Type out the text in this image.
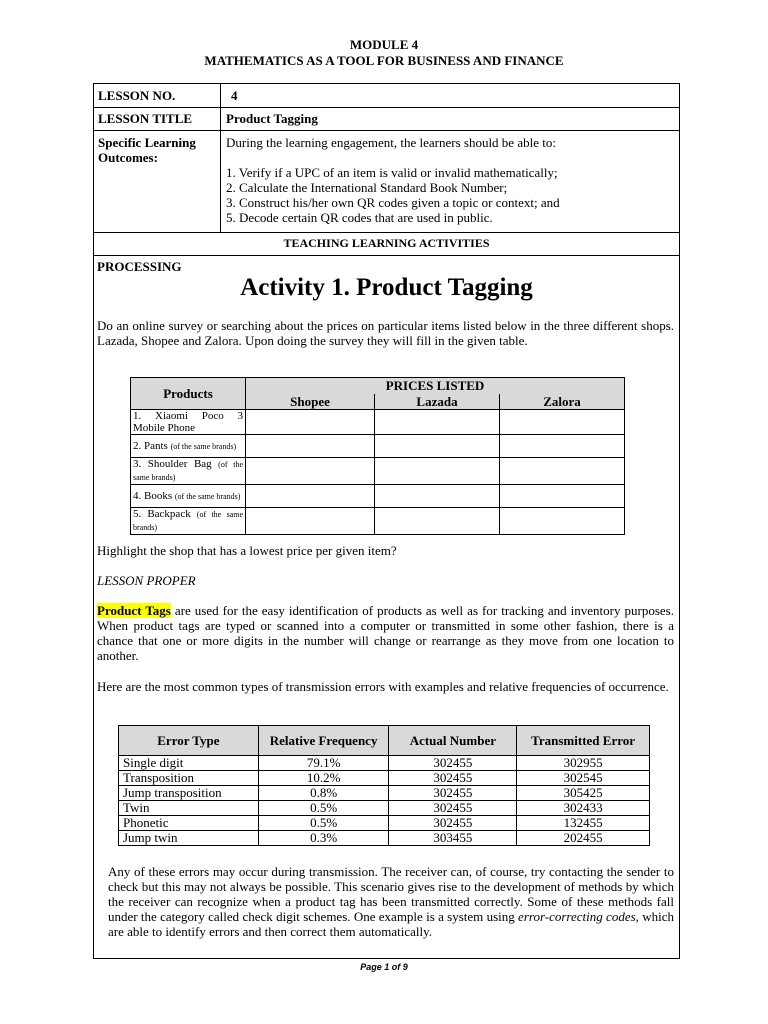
MODULE 4
MATHEMATICS AS A TOOL FOR BUSINESS AND FINANCE
LESSON NO.	4
LESSON TITLE	Product Tagging
Specific Learning
Outcomes:
During the learning engagement, the learners should be able to:
1. Verify if a UPC of an item is valid or invalid mathematically;
2. Calculate the International Standard Book Number;
3. Construct his/her own QR codes given a topic or context; and
5. Decode certain QR codes that are used in public.
TEACHING LEARNING ACTIVITIES
PROCESSING
Activity 1. Product Tagging
Do an online survey or searching about the prices on particular items listed below in the three different shops. Lazada, Shopee and Zalora. Upon doing the survey they will fill in the given table.
Products	PRICES LISTED
Shopee Lazada Zalora		

1. Xiaomi Poco 3 Mobile Phone			
2. Pants (of the same brands)			
3. Shoulder Bag (of the same brands)			
4. Books (of the same brands)			
5. Backpack (of the same brands)			
Highlight the shop that has a lowest price per given item?
LESSON PROPER
Product Tags are used for the easy identification of products as well as for tracking and inventory purposes. When product tags are typed or scanned into a computer or transmitted in some other fashion, there is a chance that one or more digits in the number will change or rearrange as they move from one location to another.
Here are the most common types of transmission errors with examples and relative frequencies of occurrence.
Error Type	Relative Frequency	Actual Number	Transmitted Error
Single digit	79.1%	302455	302955
Transposition	10.2%	302455	302545
Jump transposition	0.8%	302455	305425
Twin	0.5%	302455	302433
Phonetic	0.5%	302455	132455
Jump twin	0.3%	303455	202455
Any of these errors may occur during transmission. The receiver can, of course, try contacting the sender to check but this may not always be possible. This scenario gives rise to the development of methods by which the receiver can recognize when a product tag has been transmitted correctly. Some of these methods fall under the category called check digit schemes. One example is a system using error-correcting codes, which are able to identify errors and then correct them automatically.
Page 1 of 9
